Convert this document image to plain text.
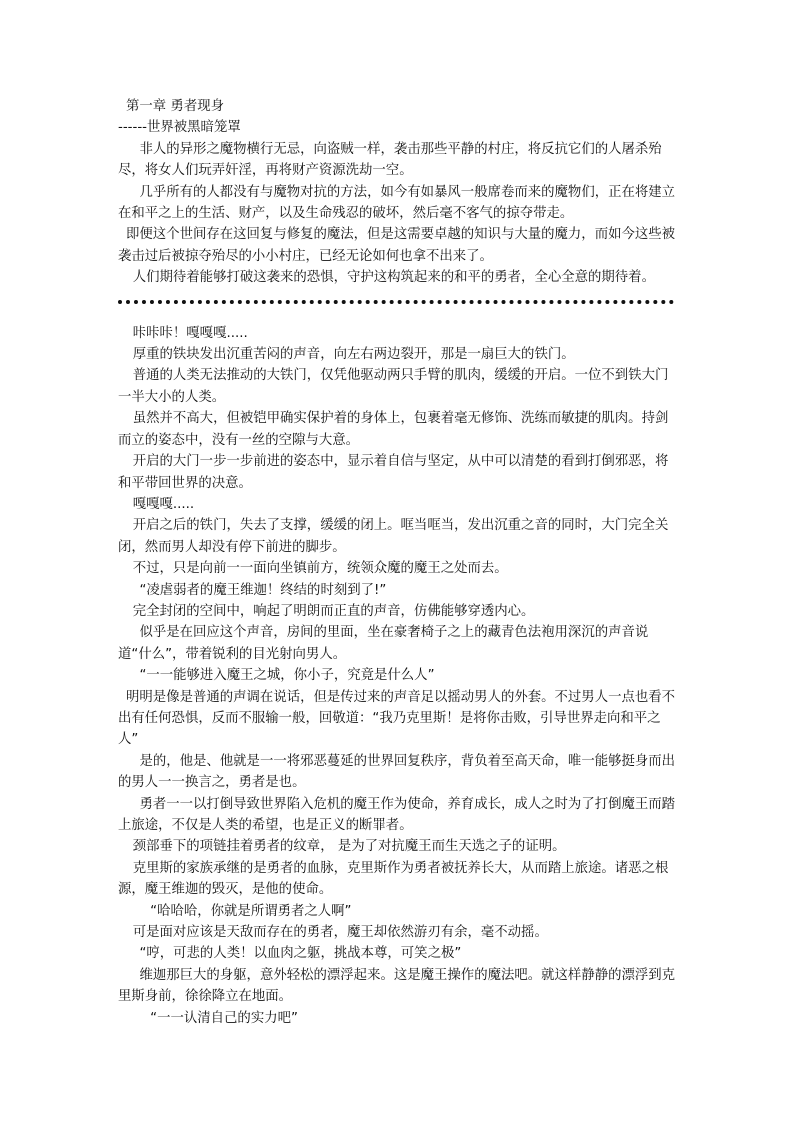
第一章 勇者现身

------世界被黑暗笼罩

非人的异形之魔物横行无忌，向盗贼一样，袭击那些平静的村庄，将反抗它们的人屠杀殆尽，将女人们玩弄奸淫，再将财产资源洗劫一空。

几乎所有的人都没有与魔物对抗的方法，如今有如暴风一般席卷而来的魔物们，正在将建立在和平之上的生活、财产，以及生命残忍的破坏，然后毫不客气的掠夺带走。

即便这个世间存在这回复与修复的魔法，但是这需要卓越的知识与大量的魔力，而如今这些被袭击过后被掠夺殆尽的小小村庄，已经无论如何也拿不出来了。

人们期待着能够打破这袭来的恐惧，守护这构筑起来的和平的勇者，全心全意的期待着。

咔咔咔！嘎嘎嘎.....

厚重的铁块发出沉重苦闷的声音，向左右两边裂开，那是一扇巨大的铁门。

普通的人类无法推动的大铁门，仅凭他驱动两只手臂的肌肉，缓缓的开启。一位不到铁大门一半大小的人类。

虽然并不高大，但被铠甲确实保护着的身体上，包裹着毫无修饰、洗练而敏捷的肌肉。持剑而立的姿态中，没有一丝的空隙与大意。

开启的大门一步一步前进的姿态中，显示着自信与坚定，从中可以清楚的看到打倒邪恶，将和平带回世界的决意。

嘎嘎嘎.....

开启之后的铁门，失去了支撑，缓缓的闭上。哐当哐当，发出沉重之音的同时，大门完全关闭，然而男人却没有停下前进的脚步。

不过，只是向前一一面向坐镇前方，统领众魔的魔王之处而去。

“凌虐弱者的魔王维迦！终结的时刻到了!”

完全封闭的空间中，响起了明朗而正直的声音，仿佛能够穿透内心。

似乎是在回应这个声音，房间的里面，坐在豪奢椅子之上的藏青色法袍用深沉的声音说道“什么”，带着锐利的目光射向男人。

“一一能够进入魔王之城，你小子，究竟是什么人”

明明是像是普通的声调在说话，但是传过来的声音足以摇动男人的外套。不过男人一点也看不出有任何恐惧，反而不服输一般，回敬道：“我乃克里斯！是将你击败，引导世界走向和平之人”

是的，他是、他就是一一将邪恶蔓延的世界回复秩序，背负着至高天命，唯一能够挺身而出的男人一一换言之，勇者是也。

勇者一一以打倒导致世界陷入危机的魔王作为使命，养育成长，成人之时为了打倒魔王而踏上旅途，不仅是人类的希望，也是正义的断罪者。

颈部垂下的项链挂着勇者的纹章， 是为了对抗魔王而生天选之子的证明。

克里斯的家族承继的是勇者的血脉，克里斯作为勇者被抚养长大，从而踏上旅途。诸恶之根源，魔王维迦的毁灭，是他的使命。

“哈哈哈，你就是所谓勇者之人啊”

可是面对应该是天敌而存在的勇者，魔王却依然游刃有余，毫不动摇。

“哼，可悲的人类！以血肉之躯，挑战本尊，可笑之极”

维迦那巨大的身躯，意外轻松的漂浮起来。这是魔王操作的魔法吧。就这样静静的漂浮到克里斯身前，徐徐降立在地面。

“一一认清自己的实力吧”
